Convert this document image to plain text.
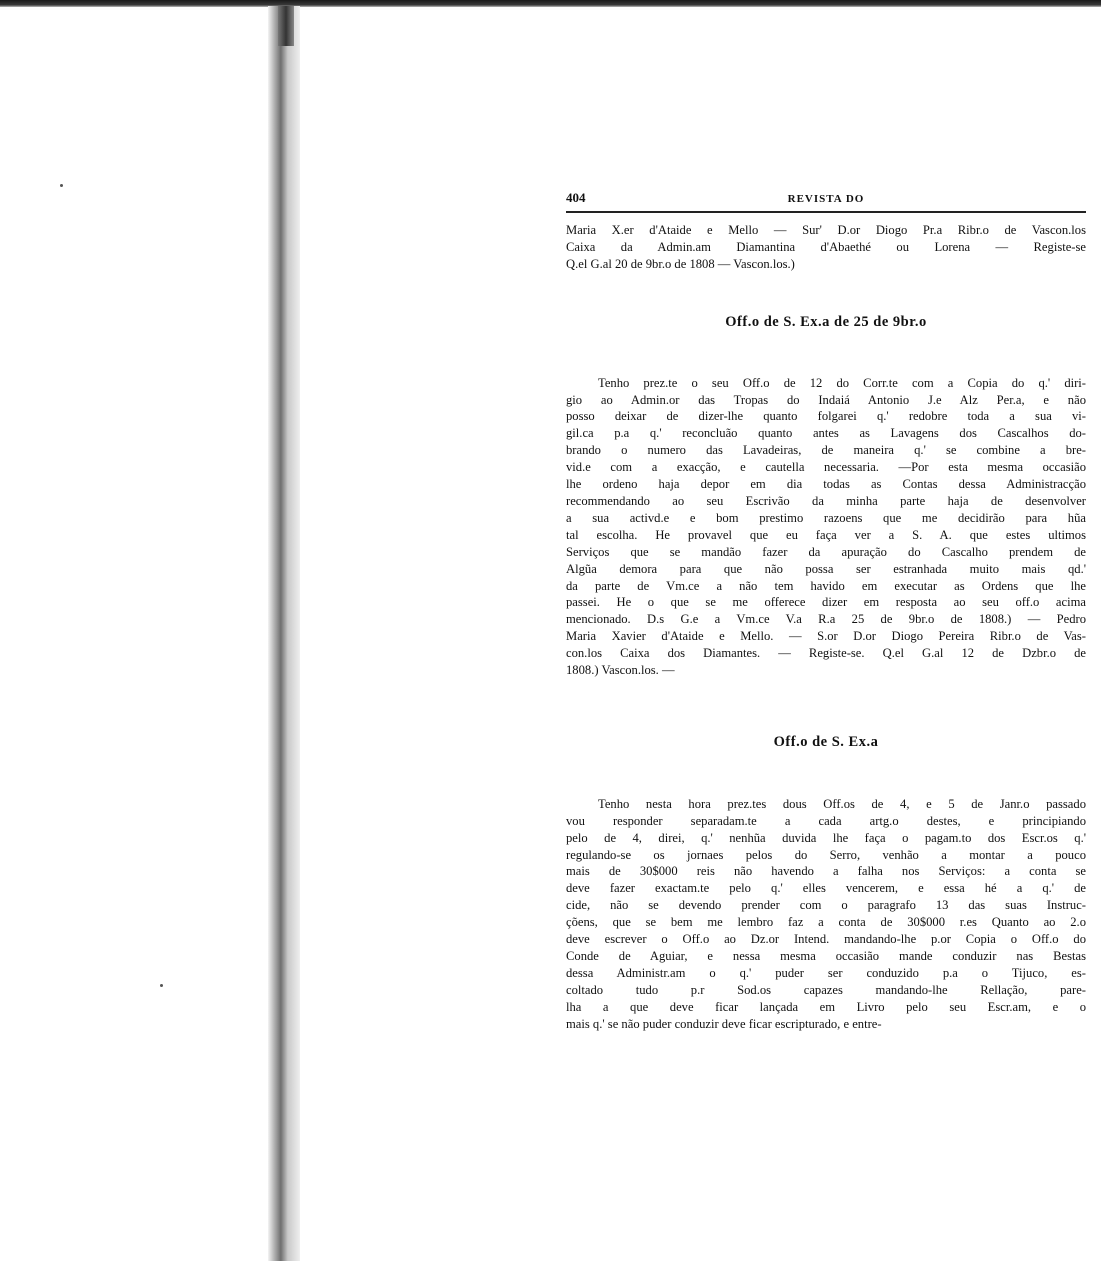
404	REVISTA DO
Maria X.er d'Ataide e Mello — Sur' D.or Diogo Pr.a Ribr.o de Vascon.los
Caixa da Admin.am Diamantina d'Abaethé ou Lorena — Registe-se
Q.el G.al 20 de 9br.o de 1808 — Vascon.los.)
Off.o de S. Ex.a de 25 de 9br.o
Tenho prez.te o seu Off.o de 12 do Corr.te com a Copia do q.' diri-
gio ao Admin.or das Tropas do Indaiá Antonio J.e Alz Per.a, e não
posso deixar de dizer-lhe quanto folgarei q.' redobre toda a sua vi-
gil.ca p.a q.' reconcluão quanto antes as Lavagens dos Cascalhos do-
brando o numero das Lavadeiras, de maneira q.' se combine a bre-
vid.e com a exacção, e cautella necessaria. —Por esta mesma occasião
lhe ordeno haja depor em dia todas as Contas dessa Administracção
recommendando ao seu Escrivão da minha parte haja de desenvolver
a sua activd.e e bom prestimo razoens que me decidirão para hũa
tal escolha. He provavel que eu faça ver a S. A. que estes ultimos
Serviços que se mandão fazer da apuração do Cascalho prendem de
Algũa demora para que não possa ser estranhada muito mais qd.'
da parte de Vm.ce a não tem havido em executar as Ordens que lhe
passei. He o que se me offerece dizer em resposta ao seu off.o acima
mencionado. D.s G.e a Vm.ce V.a R.a 25 de 9br.o de 1808.) — Pedro
Maria Xavier d'Ataide e Mello. — S.or D.or Diogo Pereira Ribr.o de Vas-
con.los Caixa dos Diamantes. — Registe-se. Q.el G.al 12 de Dzbr.o de
1808.) Vascon.los. —
Off.o de S. Ex.a
Tenho nesta hora prez.tes dous Off.os de 4, e 5 de Janr.o passado
vou responder separadam.te a cada artg.o destes, e principiando
pelo de 4, direi, q.' nenhũa duvida lhe faça o pagam.to dos Escr.os q.'
regulando-se os jornaes pelos do Serro, venhão a montar a pouco
mais de 30$000 reis não havendo a falha nos Serviços: a conta se
deve fazer exactam.te pelo q.' elles vencerem, e essa hé a q.' de
cide, não se devendo prender com o paragrafo 13 das suas Instruc-
çõens, que se bem me lembro faz a conta de 30$000 r.es Quanto ao 2.o
deve escrever o Off.o ao Dz.or Intend. mandando-lhe p.or Copia o Off.o do
Conde de Aguiar, e nessa mesma occasião mande conduzir nas Bestas
dessa Administr.am o q.' puder ser conduzido p.a o Tijuco, es-
coltado tudo p.r Sod.os capazes mandando-lhe Rellação, pare-
lha a que deve ficar lançada em Livro pelo seu Escr.am, e o
mais q.' se não puder conduzir deve ficar escripturado, e entre-
